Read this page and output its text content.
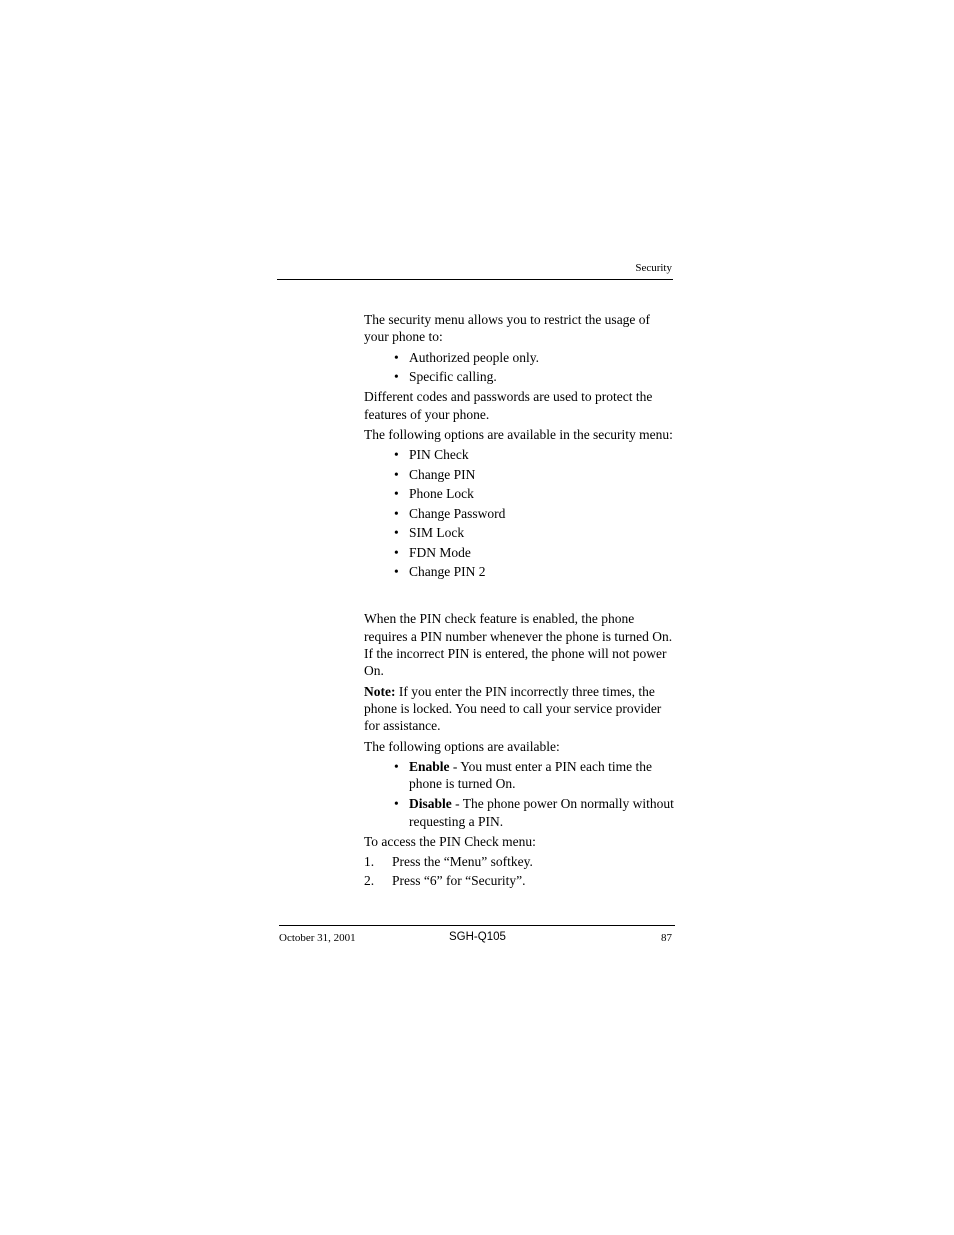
Security

The security menu allows you to restrict the usage of your phone to:

• Authorized people only.
• Specific calling.

Different codes and passwords are used to protect the features of your phone.

The following options are available in the security menu:

• PIN Check
• Change PIN
• Phone Lock
• Change Password
• SIM Lock
• FDN Mode
• Change PIN 2

When the PIN check feature is enabled, the phone requires a PIN number whenever the phone is turned On. If the incorrect PIN is entered, the phone will not power On.

Note: If you enter the PIN incorrectly three times, the phone is locked. You need to call your service provider for assistance.

The following options are available:

• Enable - You must enter a PIN each time the phone is turned On.
• Disable - The phone power On normally without requesting a PIN.

To access the PIN Check menu:

1. Press the “Menu” softkey.
2. Press “6” for “Security”.
October 31, 2001	SGH-Q105	87
